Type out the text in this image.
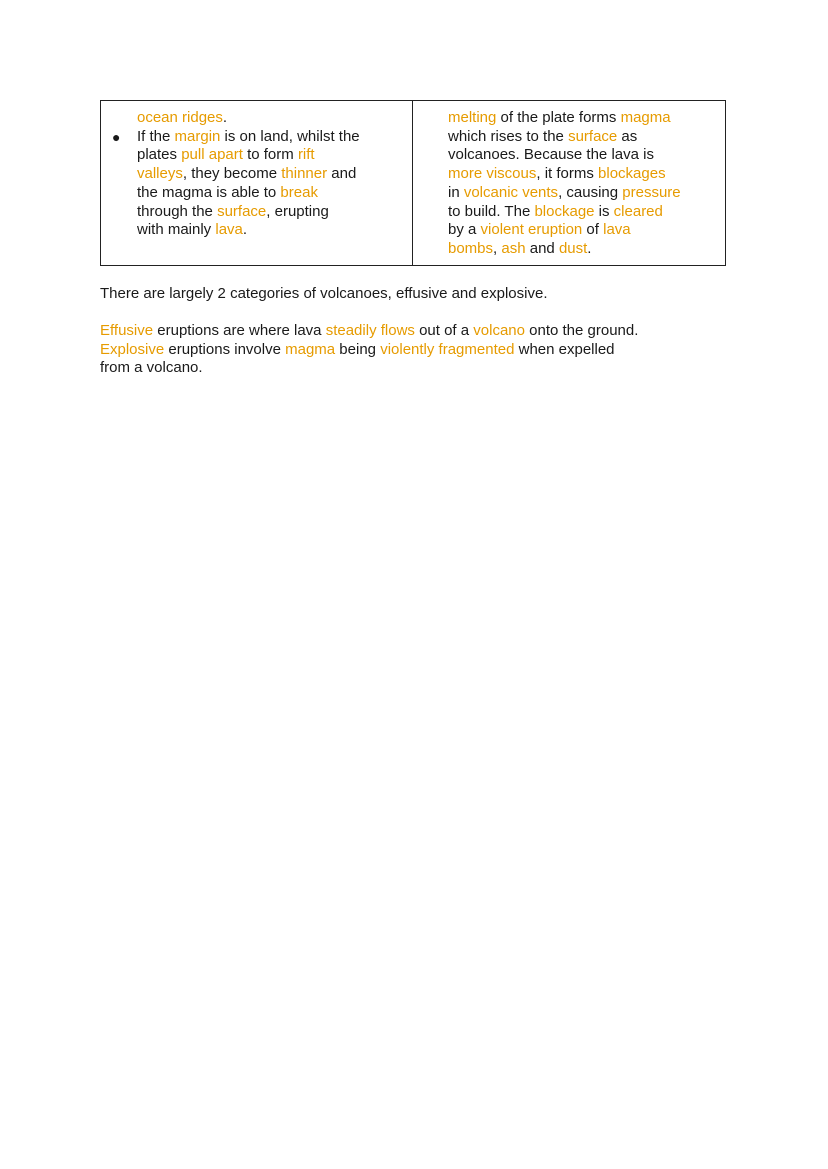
ocean ridges.
● If the margin is on land, whilst the
plates pull apart to form rift
valleys, they become thinner and
the magma is able to break
through the surface, erupting
with mainly lava.
melting of the plate forms magma
which rises to the surface as
volcanoes. Because the lava is
more viscous, it forms blockages
in volcanic vents, causing pressure
to build. The blockage is cleared
by a violent eruption of lava
bombs, ash and dust.
There are largely 2 categories of volcanoes, effusive and explosive.
Effusive eruptions are where lava steadily flows out of a volcano onto the ground.
Explosive eruptions involve magma being violently fragmented when expelled
from a volcano.
